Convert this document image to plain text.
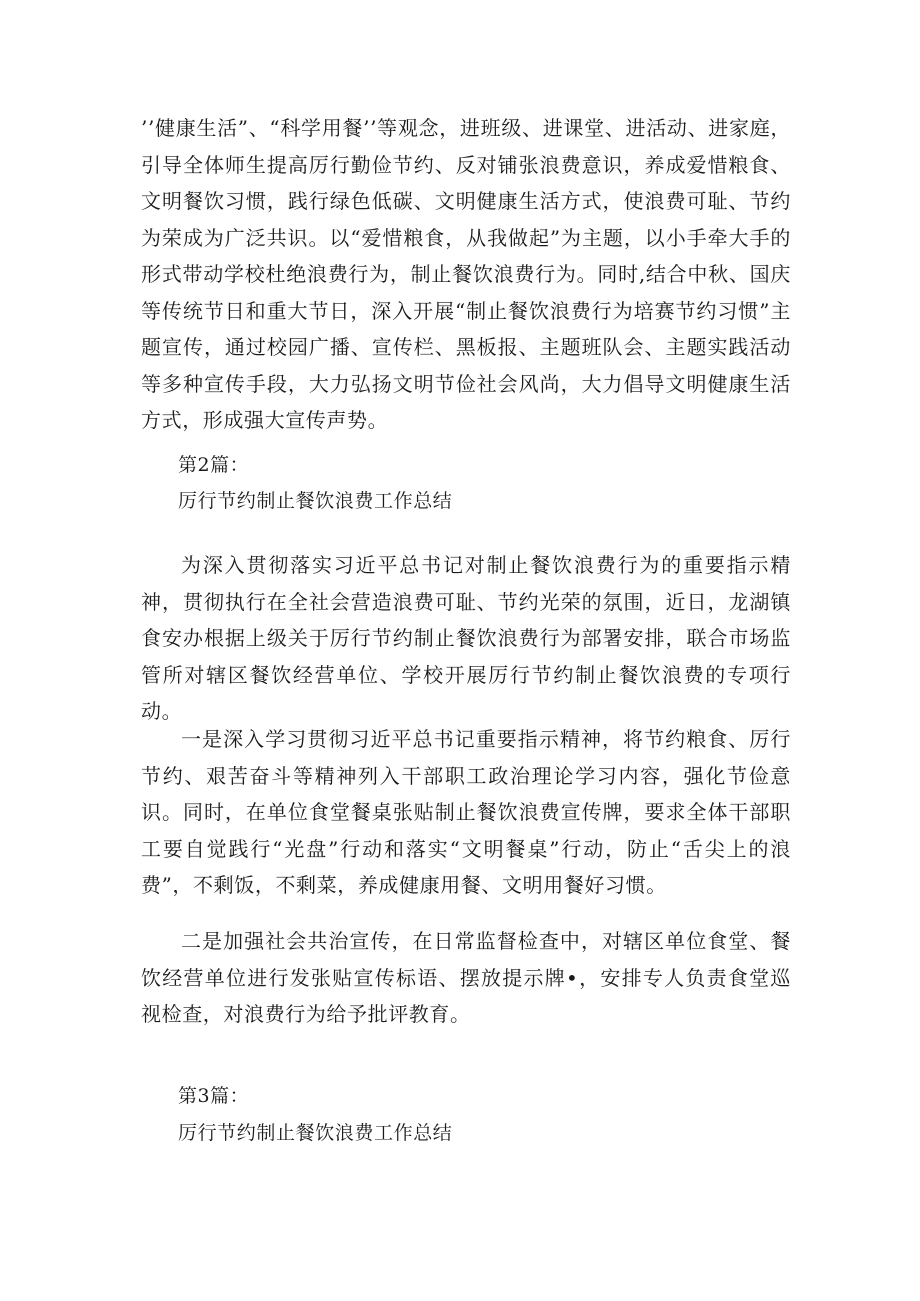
’’健康生活”、“科学用餐’’等观念，进班级、进课堂、进活动、进家庭，引导全体师生提高厉行勤俭节约、反对铺张浪费意识，养成爱惜粮食、文明餐饮习惯，践行绿色低碳、文明健康生活方式，使浪费可耻、节约为荣成为广泛共识。以“爱惜粮食，从我做起”为主题，以小手牵大手的形式带动学校杜绝浪费行为，制止餐饮浪费行为。同时,结合中秋、国庆等传统节日和重大节日，深入开展“制止餐饮浪费行为培赛节约习惯”主题宣传，通过校园广播、宣传栏、黑板报、主题班队会、主题实践活动等多种宣传手段，大力弘扬文明节俭社会风尚，大力倡导文明健康生活方式，形成强大宣传声势。

第2篇：

厉行节约制止餐饮浪费工作总结

为深入贯彻落实习近平总书记对制止餐饮浪费行为的重要指示精神，贯彻执行在全社会营造浪费可耻、节约光荣的氛围，近日，龙湖镇食安办根据上级关于厉行节约制止餐饮浪费行为部署安排，联合市场监管所对辖区餐饮经营单位、学校开展厉行节约制止餐饮浪费的专项行动。

一是深入学习贯彻习近平总书记重要指示精神，将节约粮食、厉行节约、艰苦奋斗等精神列入干部职工政治理论学习内容，强化节俭意识。同时，在单位食堂餐桌张贴制止餐饮浪费宣传牌，要求全体干部职工要自觉践行“光盘”行动和落实“文明餐桌”行动，防止“舌尖上的浪费”，不剩饭，不剩菜，养成健康用餐、文明用餐好习惯。

二是加强社会共治宣传，在日常监督检查中，对辖区单位食堂、餐饮经营单位进行发张贴宣传标语、摆放提示牌•，安排专人负责食堂巡视检查，对浪费行为给予批评教育。

第3篇：

厉行节约制止餐饮浪费工作总结
